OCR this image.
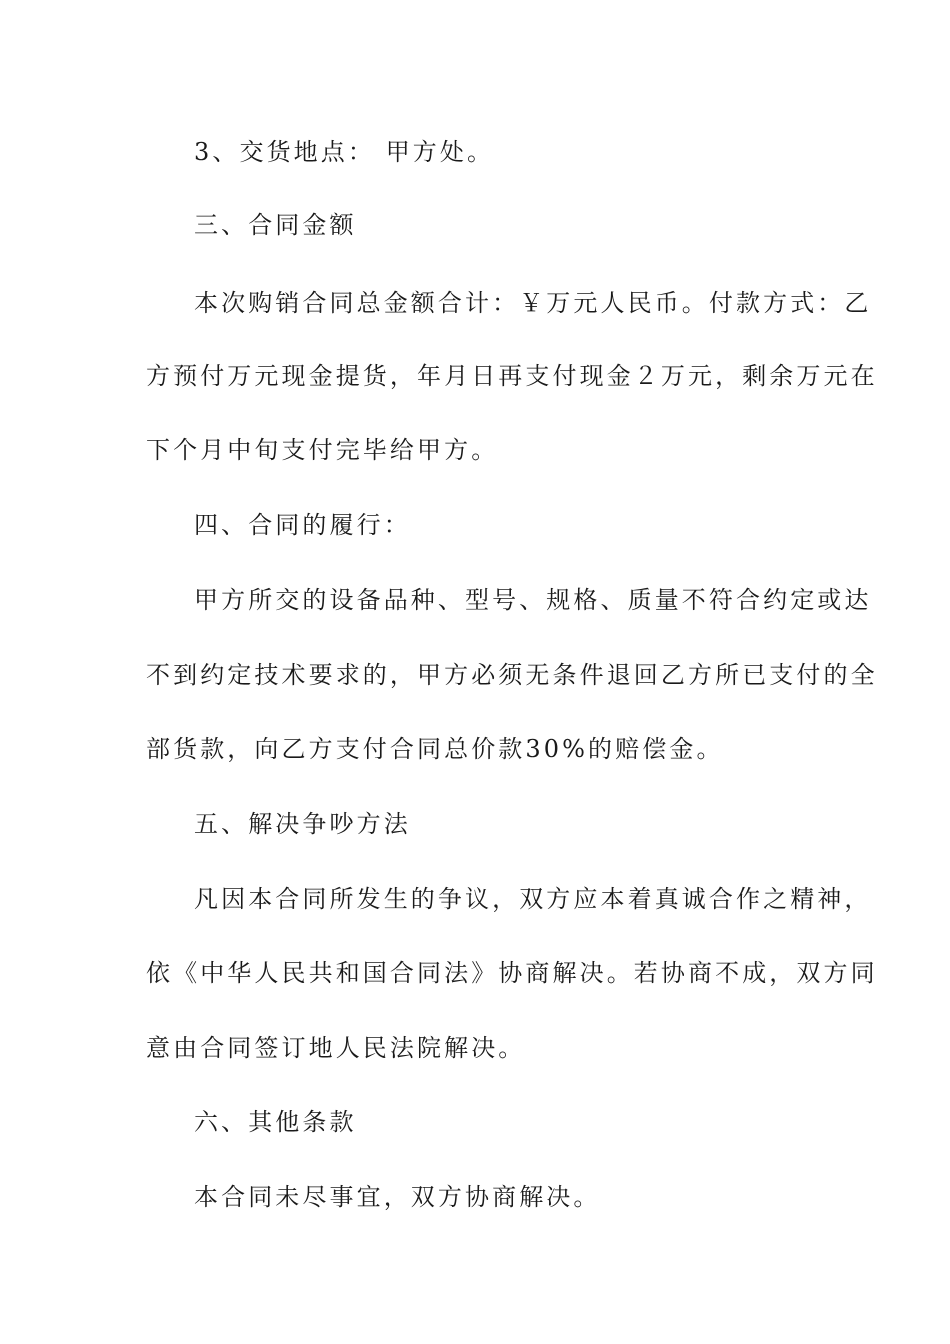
3、交货地点： 甲方处。
三、合同金额
本次购销合同总金额合计：￥万元人民币。付款方式：乙
方预付万元现金提货，年月日再支付现金２万元，剩余万元在
下个月中旬支付完毕给甲方。
四、合同的履行：
甲方所交的设备品种、型号、规格、质量不符合约定或达
不到约定技术要求的，甲方必须无条件退回乙方所已支付的全
部货款，向乙方支付合同总价款30%的赔偿金。
五、解决争吵方法
凡因本合同所发生的争议，双方应本着真诚合作之精神，
依《中华人民共和国合同法》协商解决。若协商不成，双方同
意由合同签订地人民法院解决。
六、其他条款
本合同未尽事宜，双方协商解决。
